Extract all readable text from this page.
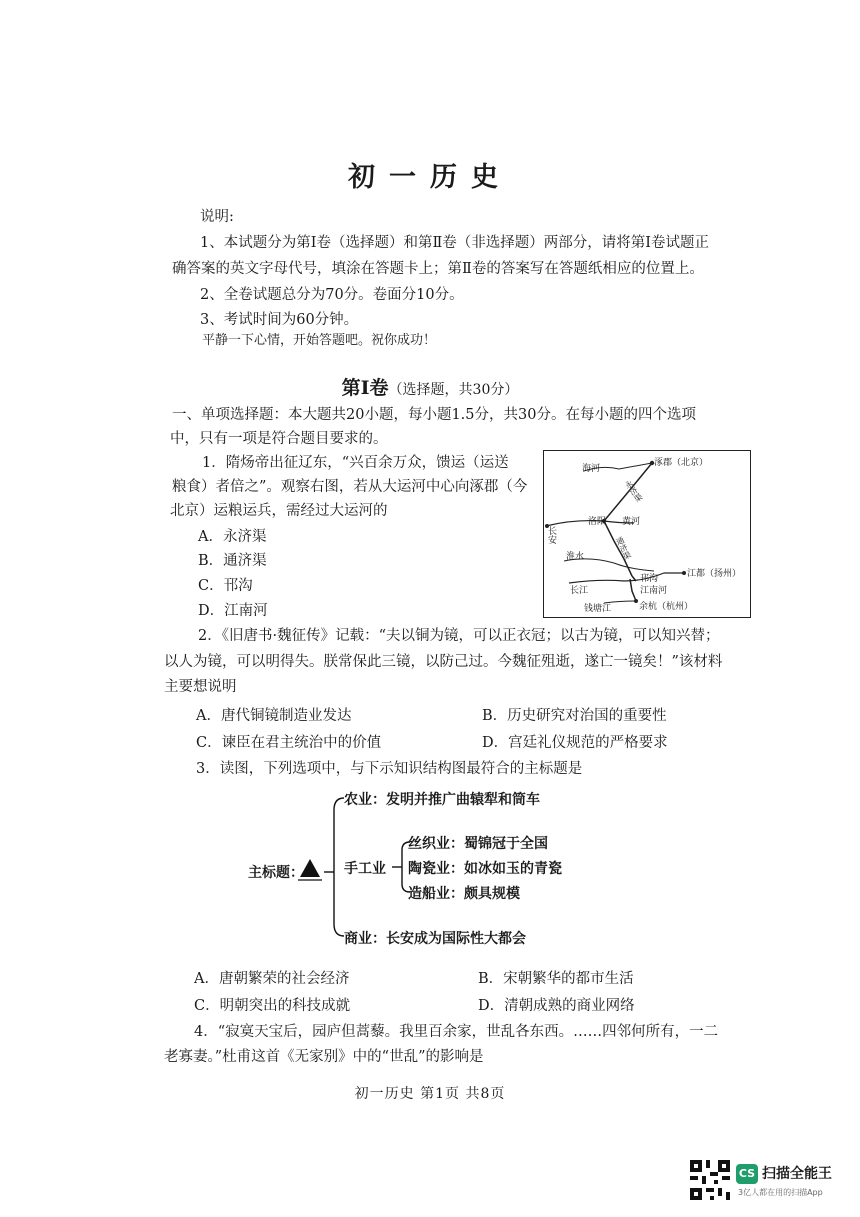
初一历史
说明:
1、本试题分为第Ⅰ卷（选择题）和第Ⅱ卷（非选择题）两部分，请将第Ⅰ卷试题正
确答案的英文字母代号，填涂在答题卡上；第Ⅱ卷的答案写在答题纸相应的位置上。
2、全卷试题总分为70分。卷面分10分。
3、考试时间为60分钟。
平静一下心情，开始答题吧。祝你成功！
第Ⅰ卷（选择题，共30分）
一、单项选择题：本大题共20小题，每小题1.5分，共30分。在每小题的四个选项
中，只有一项是符合题目要求的。
1．隋炀帝出征辽东，“兴百余万众，馈运（运送
粮食）者倍之”。观察右图，若从大运河中心向涿郡（今
北京）运粮运兵，需经过大运河的
A．永济渠
B．通济渠
C．邗沟
D．江南河
涿郡（北京）
海河
永济渠
长安
洛阳 黄河
通济渠
淮水
长江
江都（扬州）
邗沟
江南河
钱塘江	余杭（杭州）
2．《旧唐书·魏征传》记载：“夫以铜为镜，可以正衣冠；以古为镜，可以知兴替；
以人为镜，可以明得失。朕常保此三镜，以防己过。今魏征殂逝，遂亡一镜矣！”该材料
主要想说明
A．唐代铜镜制造业发达	B．历史研究对治国的重要性
C．谏臣在君主统治中的价值	D．宫廷礼仪规范的严格要求
3．读图，下列选项中，与下示知识结构图最符合的主标题是
主标题：
农业：发明并推广曲辕犁和筒车
手工业
丝织业：蜀锦冠于全国
陶瓷业：如冰如玉的青瓷
造船业：颇具规模
商业：长安成为国际性大都会
A．唐朝繁荣的社会经济	B．宋朝繁华的都市生活
C．明朝突出的科技成就	D．清朝成熟的商业网络
4．“寂寞天宝后，园庐但蒿藜。我里百余家，世乱各东西。……四邻何所有，一二
老寡妻。”杜甫这首《无家别》中的“世乱”的影响是
初一历史 第1页 共8页
CS 扫描全能王
3亿人都在用的扫描App
